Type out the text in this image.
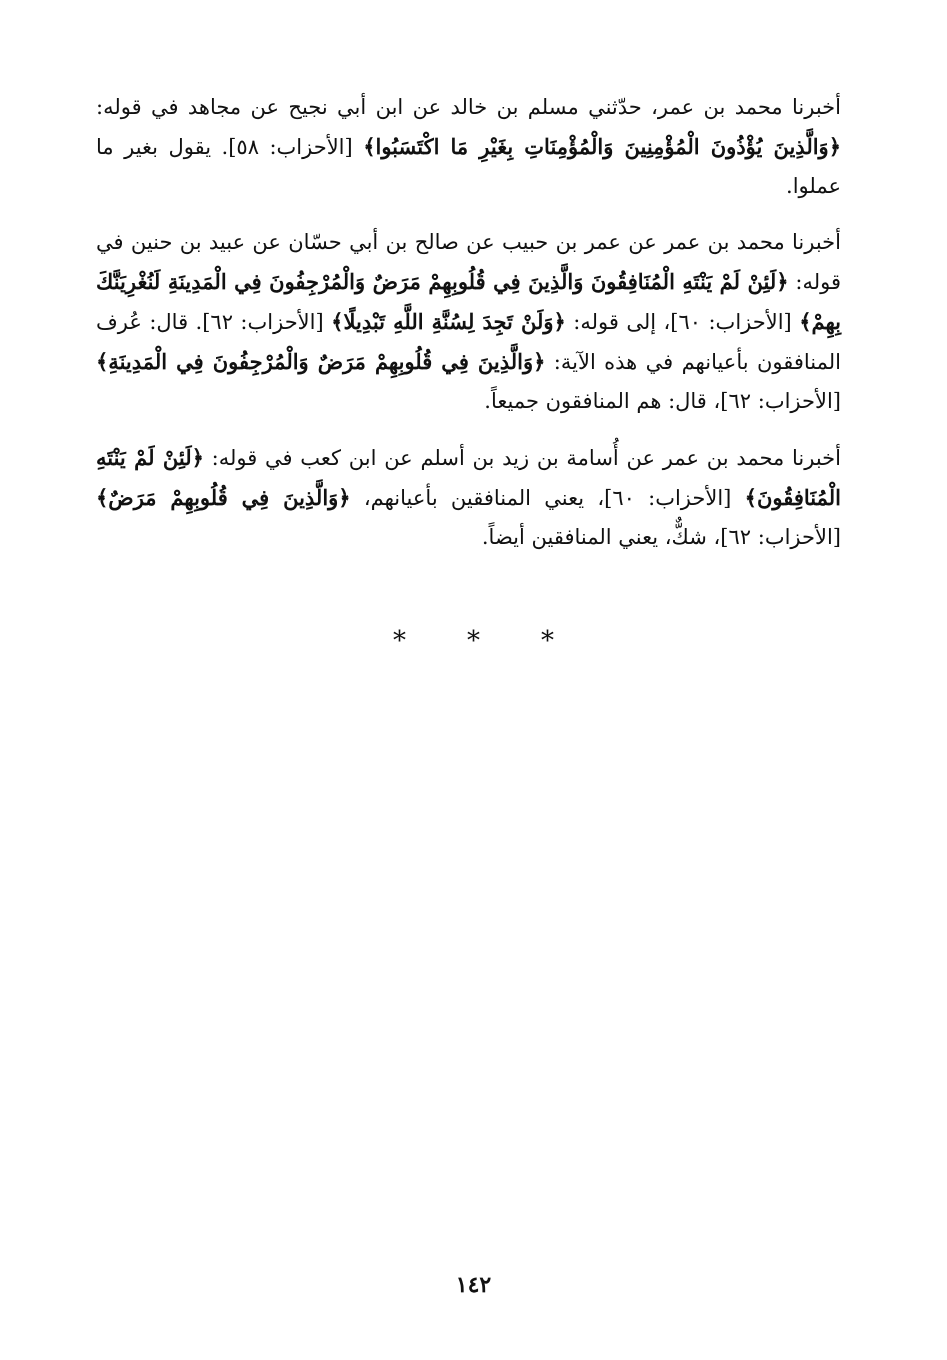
أخبرنا محمد بن عمر، حدّثني مسلم بن خالد عن ابن أبي نجيح عن مجاهد في قوله: ﴿وَالَّذِينَ يُؤْذُونَ الْمُؤْمِنِينَ وَالْمُؤْمِنَاتِ بِغَيْرِ مَا اكْتَسَبُوا﴾ [الأحزاب: ٥٨]. يقول بغير ما عملوا.

أخبرنا محمد بن عمر عن عمر بن حبيب عن صالح بن أبي حسّان عن عبيد بن حنين في قوله: ﴿لَئِنْ لَمْ يَنْتَهِ الْمُنَافِقُونَ وَالَّذِينَ فِي قُلُوبِهِمْ مَرَضٌ وَالْمُرْجِفُونَ فِي الْمَدِينَةِ لَنُغْرِيَنَّكَ بِهِمْ﴾ [الأحزاب: ٦٠]، إلى قوله: ﴿وَلَنْ تَجِدَ لِسُنَّةِ اللَّهِ تَبْدِيلًا﴾ [الأحزاب: ٦٢]. قال: عُرف المنافقون بأعيانهم في هذه الآية: ﴿وَالَّذِينَ فِي قُلُوبِهِمْ مَرَضٌ وَالْمُرْجِفُونَ فِي الْمَدِينَةِ﴾ [الأحزاب: ٦٢]، قال: هم المنافقون جميعاً.

أخبرنا محمد بن عمر عن أُسامة بن زيد بن أسلم عن ابن كعب في قوله: ﴿لَئِنْ لَمْ يَنْتَهِ الْمُنَافِقُونَ﴾ [الأحزاب: ٦٠]، يعني المنافقين بأعيانهم، ﴿وَالَّذِينَ فِي قُلُوبِهِمْ مَرَضٌ﴾ [الأحزاب: ٦٢]، شكٌّ، يعني المنافقين أيضاً.

* * *
١٤٢
